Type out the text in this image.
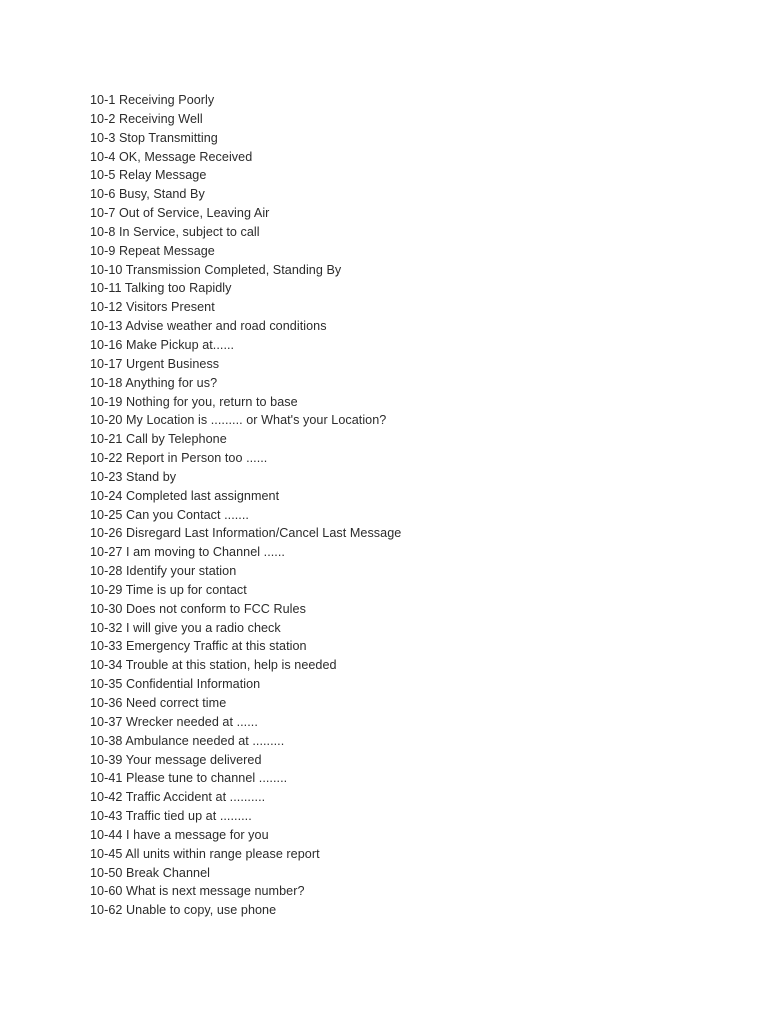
10-1 Receiving Poorly
10-2 Receiving Well
10-3 Stop Transmitting
10-4 OK, Message Received
10-5 Relay Message
10-6 Busy, Stand By
10-7 Out of Service, Leaving Air
10-8 In Service, subject to call
10-9 Repeat Message
10-10 Transmission Completed, Standing By
10-11 Talking too Rapidly
10-12 Visitors Present
10-13 Advise weather and road conditions
10-16 Make Pickup at......
10-17 Urgent Business
10-18 Anything for us?
10-19 Nothing for you, return to base
10-20 My Location is ......... or What's your Location?
10-21 Call by Telephone
10-22 Report in Person too ......
10-23 Stand by
10-24 Completed last assignment
10-25 Can you Contact .......
10-26 Disregard Last Information/Cancel Last Message
10-27 I am moving to Channel ......
10-28 Identify your station
10-29 Time is up for contact
10-30 Does not conform to FCC Rules
10-32 I will give you a radio check
10-33 Emergency Traffic at this station
10-34 Trouble at this station, help is needed
10-35 Confidential Information
10-36 Need correct time
10-37 Wrecker needed at ......
10-38 Ambulance needed at .........
10-39 Your message delivered
10-41 Please tune to channel ........
10-42 Traffic Accident at ..........
10-43 Traffic tied up at .........
10-44 I have a message for you
10-45 All units within range please report
10-50 Break Channel
10-60 What is next message number?
10-62 Unable to copy, use phone
